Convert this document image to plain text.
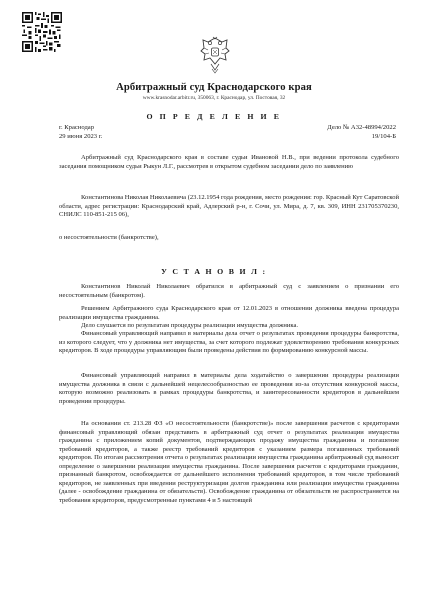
Арбитражный суд Краснодарского края
www.krasnodar.arbitr.ru, 350063, г. Краснодар, ул. Постовая, 32
О П Р Е Д Е Л Е Н И Е
г. Краснодар
29 июня 2023 г.
Дело № А32-48994/2022
19/104-Б

Арбитражный суд Краснодарского края в составе судьи Ивановой Н.В., при ведении протокола судебного заседания помощником судьи Рыкун Л.Г., рассмотрев в открытом судебном заседании дело по заявлению

Константинова Николая Николаевича (23.12.1954 года рождения, место рождения: гор. Красный Кут Саратовской области, адрес регистрации: Краснодарский край, Адлерский р-н, г. Сочи, ул. Мира, д. 7, кв. 309, ИНН 231705370230, СНИЛС 110-851-215 06),

о несостоятельности (банкротстве),

У С Т А Н О В И Л :

Константинов Николай Николаевич обратился в арбитражный суд с заявлением о признании его несостоятельным (банкротом).

Решением Арбитражного суда Краснодарского края от 12.01.2023 в отношении должника введена процедура реализации имущества гражданина.

Дело слушается по результатам процедуры реализации имущества должника.

Финансовый управляющий направил в материалы дела отчет о результатах проведения процедуры банкротства, из которого следует, что у должника нет имущества, за счет которого подлежат удовлетворению требования конкурсных кредиторов. В ходе процедуры управляющим были проведены действия по формированию конкурсной массы.

Финансовый управляющий направил в материалы дела ходатайство о завершении процедуры реализации имущества должника в связи с дальнейшей нецелесообразностью ее проведения из-за отсутствия конкурсной массы, которую возможно реализовать в рамках процедуры банкротства, и заинтересованности кредиторов в дальнейшем проведении процедуры.

На основании ст. 213.28 ФЗ «О несостоятельности (банкротстве)» после завершения расчетов с кредиторами финансовый управляющий обязан представить в арбитражный суд отчет о результатах реализации имущества гражданина с приложением копий документов, подтверждающих продажу имущества гражданина и погашение требований кредиторов, а также реестр требований кредиторов с указанием размера погашенных требований кредиторов. По итогам рассмотрения отчета о результатах реализации имущества гражданина арбитражный суд выносит определение о завершении реализации имущества гражданина. После завершения расчетов с кредиторами гражданин, признанный банкротом, освобождается от дальнейшего исполнения требований кредиторов, в том числе требований кредиторов, не заявленных при введении реструктуризации долгов гражданина или реализации имущества гражданина (далее - освобождение гражданина от обязательств). Освобождение гражданина от обязательств не распространяется на требования кредиторов, предусмотренные пунктами 4 и 5 настоящей
